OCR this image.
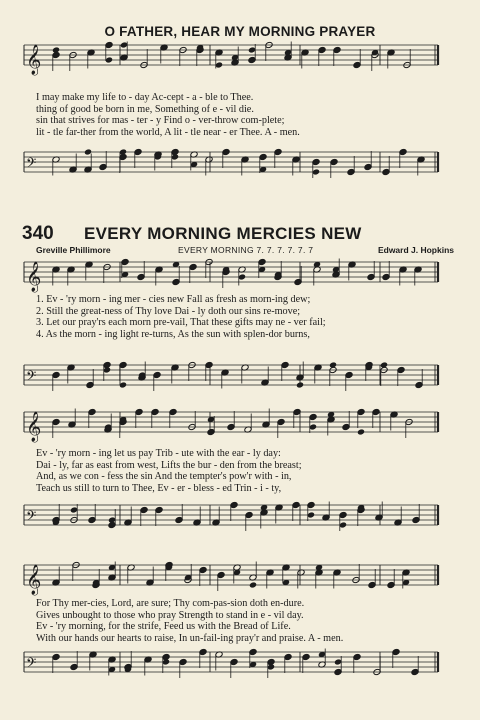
O FATHER, HEAR MY MORNING PRAYER
𝄞
𝄢
𝄞
𝄢
𝄞
𝄢
𝄞
𝄢
I may make my life to - day Ac-cept - a - ble to Thee.
thing of good be born in me, Something of e - vil die.
sin that strives for mas - ter - y Find o - ver-throw com-plete;
lit - tle far-ther from the world, A lit - tle near - er Thee. A - men.
340 EVERY MORNING MERCIES NEW
Greville Phillimore	EVERY MORNING 7. 7. 7. 7. 7. 7	Edward J. Hopkins
1. Ev - 'ry morn - ing mer - cies new Fall as fresh as morn-ing dew;
2. Still the great-ness of Thy love Dai - ly doth our sins re-move;
3. Let our pray'rs each morn pre-vail, That these gifts may ne - ver fail;
4. As the morn - ing light re-turns, As the sun with splen-dor burns,
Ev - 'ry morn - ing let us pay Trib - ute with the ear - ly day:
Dai - ly, far as east from west, Lifts the bur - den from the breast;
And, as we con - fess the sin And the tempter's pow'r with - in,
Teach us still to turn to Thee, Ev - er - bless - ed Trin - i - ty,
For Thy mer-cies, Lord, are sure; Thy com-pas-sion doth en-dure.
Gives unbought to those who pray Strength to stand in e - vil day.
Ev - 'ry morning, for the strife, Feed us with the Bread of Life.
With our hands our hearts to raise, In un-fail-ing pray'r and praise. A - men.
